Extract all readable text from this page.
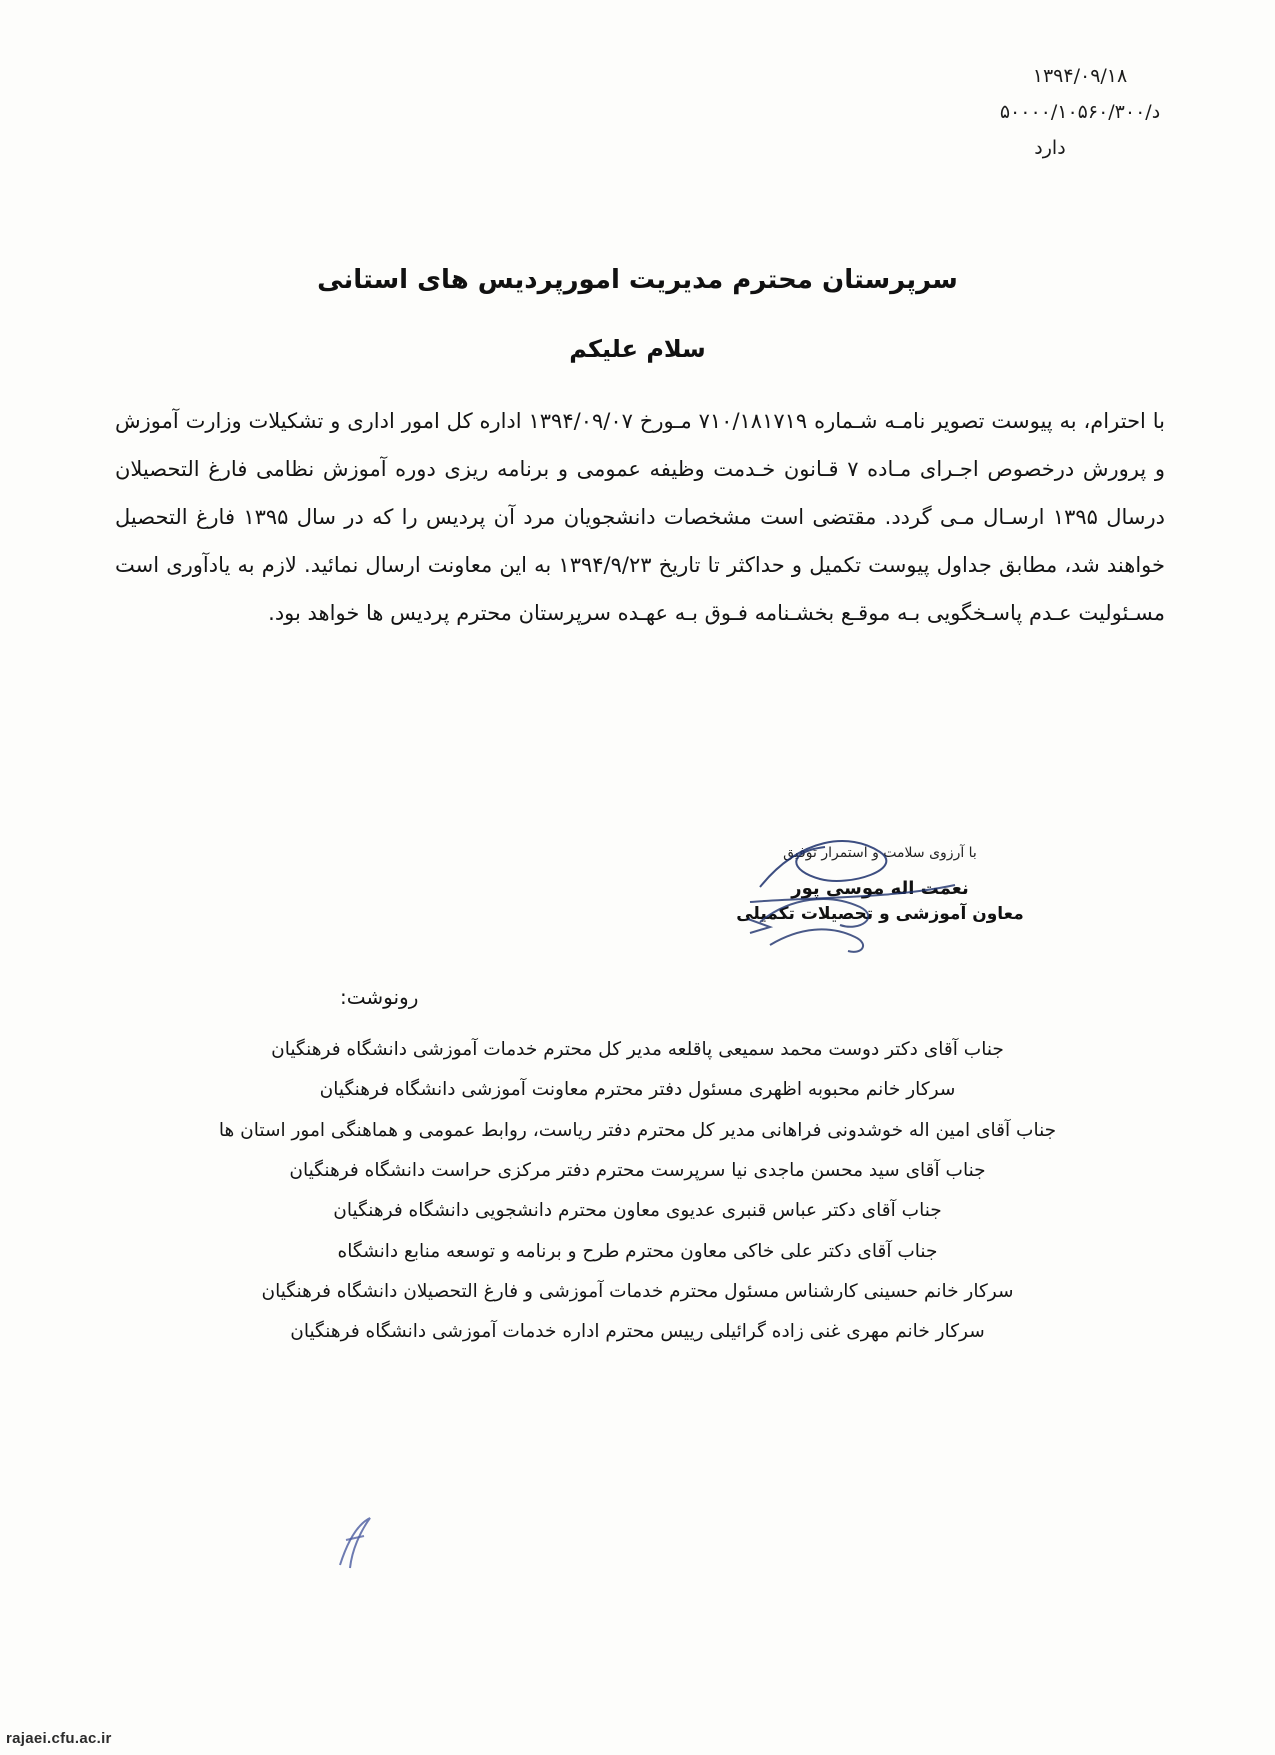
۱۳۹۴/۰۹/۱۸
د/۵۰۰۰۰/۱۰۵۶۰/۳۰۰
دارد
سرپرستان محترم مدیریت امورپردیس های استانی
سلام علیکم
با احترام، به پیوست تصویر نامـه شـماره ۷۱۰/۱۸۱۷۱۹ مـورخ ۱۳۹۴/۰۹/۰۷ اداره کل امور اداری و تشکیلات وزارت آموزش و پرورش درخصوص اجـرای مـاده ۷ قـانون خـدمت وظیفه عمومی و برنامه ریزی دوره آموزش نظامی فارغ التحصیلان درسال ۱۳۹۵ ارسـال مـی گردد. مقتضی است مشخصات دانشجویان مرد آن پردیس را که در سال ۱۳۹۵ فارغ التحصیل خواهند شد، مطابق جداول پیوست تکمیل و حداکثر تا تاریخ ۱۳۹۴/۹/۲۳ به این معاونت ارسال نمائید. لازم به یادآوری است مسـئولیت عـدم پاسـخگویی بـه موقـع بخشـنامه فـوق بـه عهـده سرپرستان محترم پردیس ها خواهد بود.
با آرزوی سلامت و استمرار توفیق
نعمت اله موسی پور
معاون آموزشی و تحصیلات تکمیلی
رونوشت:
جناب آقای دکتر دوست محمد سمیعی پاقلعه مدیر کل محترم خدمات آموزشی دانشگاه فرهنگیان
سرکار خانم محبوبه اظهری مسئول دفتر محترم معاونت آموزشی دانشگاه فرهنگیان
جناب آقای امین اله خوشدونی فراهانی مدیر کل محترم دفتر ریاست، روابط عمومی و هماهنگی امور استان ها
جناب آقای سید محسن ماجدی نیا سرپرست محترم دفتر مرکزی حراست دانشگاه فرهنگیان
جناب آقای دکتر عباس قنبری عدیوی معاون محترم دانشجویی دانشگاه فرهنگیان
جناب آقای دکتر علی خاکی معاون محترم طرح و برنامه و توسعه منابع دانشگاه
سرکار خانم حسینی کارشناس مسئول محترم خدمات آموزشی و فارغ التحصیلان دانشگاه فرهنگیان
سرکار خانم مهری غنی زاده گرائیلی رییس محترم اداره خدمات آموزشی دانشگاه فرهنگیان
rajaei.cfu.ac.ir
